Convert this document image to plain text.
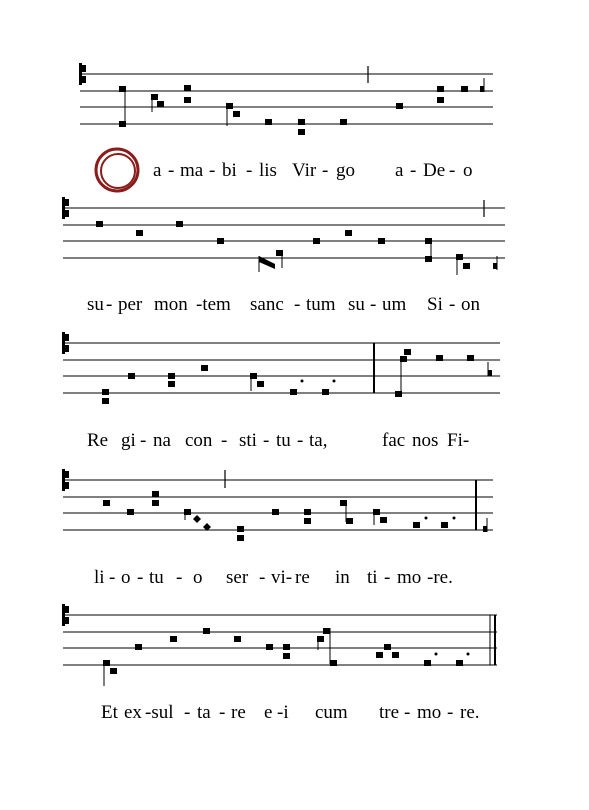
a - ma - bi - lis Vir - go a - De - o
su - per mon -tem sanc - tum su - um Si - on
Re gi - na con - sti - tu - ta,	fac nos Fi-
li - o - tu - o ser - vi- re in ti - mo -re.
Et ex -sul - ta - re e -i cum tre - mo - re.
